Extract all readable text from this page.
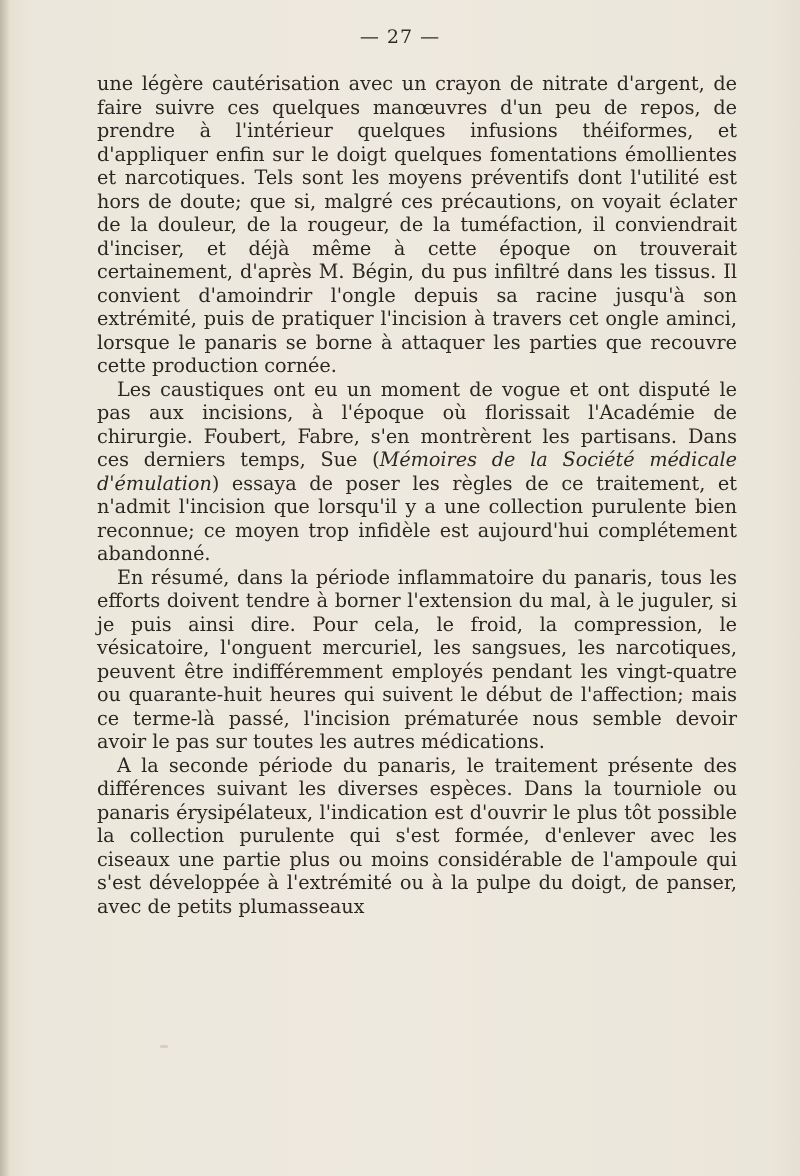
— 27 —

une légère cautérisation avec un crayon de nitrate d'argent, de faire suivre ces quelques manœuvres d'un peu de repos, de prendre à l'intérieur quelques infusions théiformes, et d'appliquer enfin sur le doigt quelques fomentations émollientes et narcotiques. Tels sont les moyens préventifs dont l'utilité est hors de doute; que si, malgré ces précautions, on voyait éclater de la douleur, de la rougeur, de la tuméfaction, il conviendrait d'inciser, et déjà même à cette époque on trouverait certainement, d'après M. Bégin, du pus infiltré dans les tissus. Il convient d'amoindrir l'ongle depuis sa racine jusqu'à son extrémité, puis de pratiquer l'incision à travers cet ongle aminci, lorsque le panaris se borne à attaquer les parties que recouvre cette production cornée.

Les caustiques ont eu un moment de vogue et ont disputé le pas aux incisions, à l'époque où florissait l'Académie de chirurgie. Foubert, Fabre, s'en montrèrent les partisans. Dans ces derniers temps, Sue (Mémoires de la Société médicale d'émulation) essaya de poser les règles de ce traitement, et n'admit l'incision que lorsqu'il y a une collection purulente bien reconnue; ce moyen trop infidèle est aujourd'hui complétement abandonné.

En résumé, dans la période inflammatoire du panaris, tous les efforts doivent tendre à borner l'extension du mal, à le juguler, si je puis ainsi dire. Pour cela, le froid, la compression, le vésicatoire, l'onguent mercuriel, les sangsues, les narcotiques, peuvent être indifféremment employés pendant les vingt-quatre ou quarante-huit heures qui suivent le début de l'affection; mais ce terme-là passé, l'incision prématurée nous semble devoir avoir le pas sur toutes les autres médications.

A la seconde période du panaris, le traitement présente des différences suivant les diverses espèces. Dans la tourniole ou panaris érysipélateux, l'indication est d'ouvrir le plus tôt possible la collection purulente qui s'est formée, d'enlever avec les ciseaux une partie plus ou moins considérable de l'ampoule qui s'est développée à l'extrémité ou à la pulpe du doigt, de panser, avec de petits plumasseaux
